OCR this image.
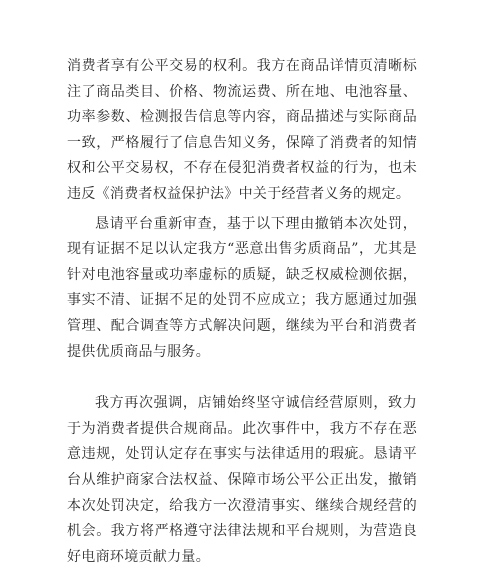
消费者享有公平交易的权利。我方在商品详情页清晰标注了商品类目、价格、物流运费、所在地、电池容量、功率参数、检测报告信息等内容，商品描述与实际商品一致，严格履行了信息告知义务，保障了消费者的知情权和公平交易权，不存在侵犯消费者权益的行为，也未违反《消费者权益保护法》中关于经营者义务的规定。

恳请平台重新审查，基于以下理由撤销本次处罚，现有证据不足以认定我方“恶意出售劣质商品”，尤其是针对电池容量或功率虚标的质疑，缺乏权威检测依据，事实不清、证据不足的处罚不应成立；我方愿通过加强管理、配合调查等方式解决问题，继续为平台和消费者提供优质商品与服务。

我方再次强调，店铺始终坚守诚信经营原则，致力于为消费者提供合规商品。此次事件中，我方不存在恶意违规，处罚认定存在事实与法律适用的瑕疵。恳请平台从维护商家合法权益、保障市场公平公正出发，撤销本次处罚决定，给我方一次澄清事实、继续合规经营的机会。我方将严格遵守法律法规和平台规则，为营造良好电商环境贡献力量。
